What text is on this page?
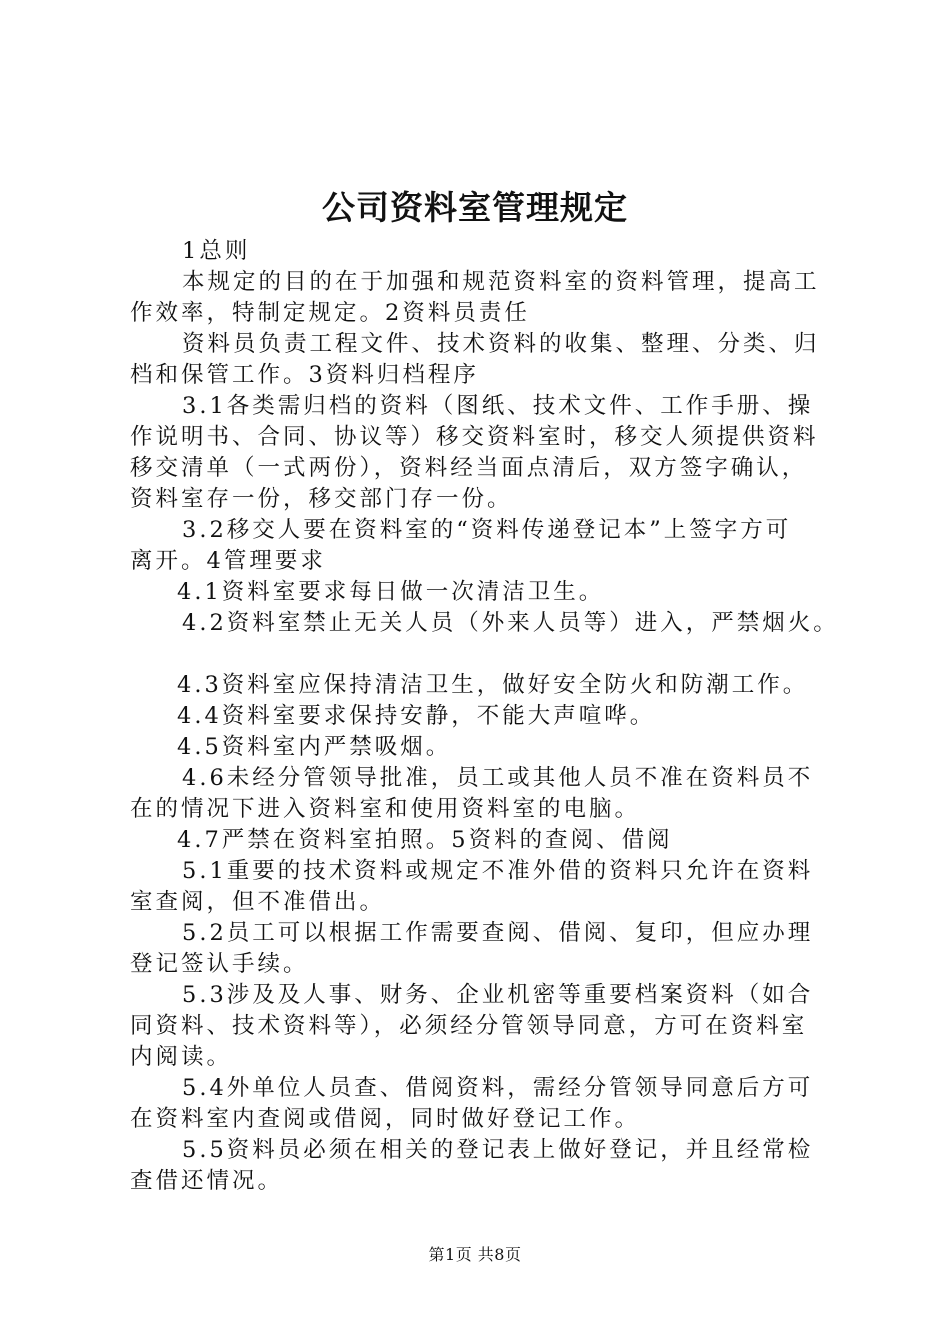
公司资料室管理规定
1总则
本规定的目的在于加强和规范资料室的资料管理，提高工
作效率，特制定规定。2资料员责任
资料员负责工程文件、技术资料的收集、整理、分类、归
档和保管工作。3资料归档程序
3.1各类需归档的资料（图纸、技术文件、工作手册、操
作说明书、合同、协议等）移交资料室时，移交人须提供资料
移交清单（一式两份），资料经当面点清后，双方签字确认，
资料室存一份，移交部门存一份。
3.2移交人要在资料室的“资料传递登记本”上签字方可
离开。4管理要求
4.1资料室要求每日做一次清洁卫生。
4.2资料室禁止无关人员（外来人员等）进入，严禁烟火。
4.3资料室应保持清洁卫生，做好安全防火和防潮工作。
4.4资料室要求保持安静，不能大声喧哗。
4.5资料室内严禁吸烟。
4.6未经分管领导批准，员工或其他人员不准在资料员不
在的情况下进入资料室和使用资料室的电脑。
4.7严禁在资料室拍照。5资料的查阅、借阅
5.1重要的技术资料或规定不准外借的资料只允许在资料
室查阅，但不准借出。
5.2员工可以根据工作需要查阅、借阅、复印，但应办理
登记签认手续。
5.3涉及及人事、财务、企业机密等重要档案资料（如合
同资料、技术资料等），必须经分管领导同意，方可在资料室
内阅读。
5.4外单位人员查、借阅资料，需经分管领导同意后方可
在资料室内查阅或借阅，同时做好登记工作。
5.5资料员必须在相关的登记表上做好登记，并且经常检
查借还情况。
第1页 共8页
